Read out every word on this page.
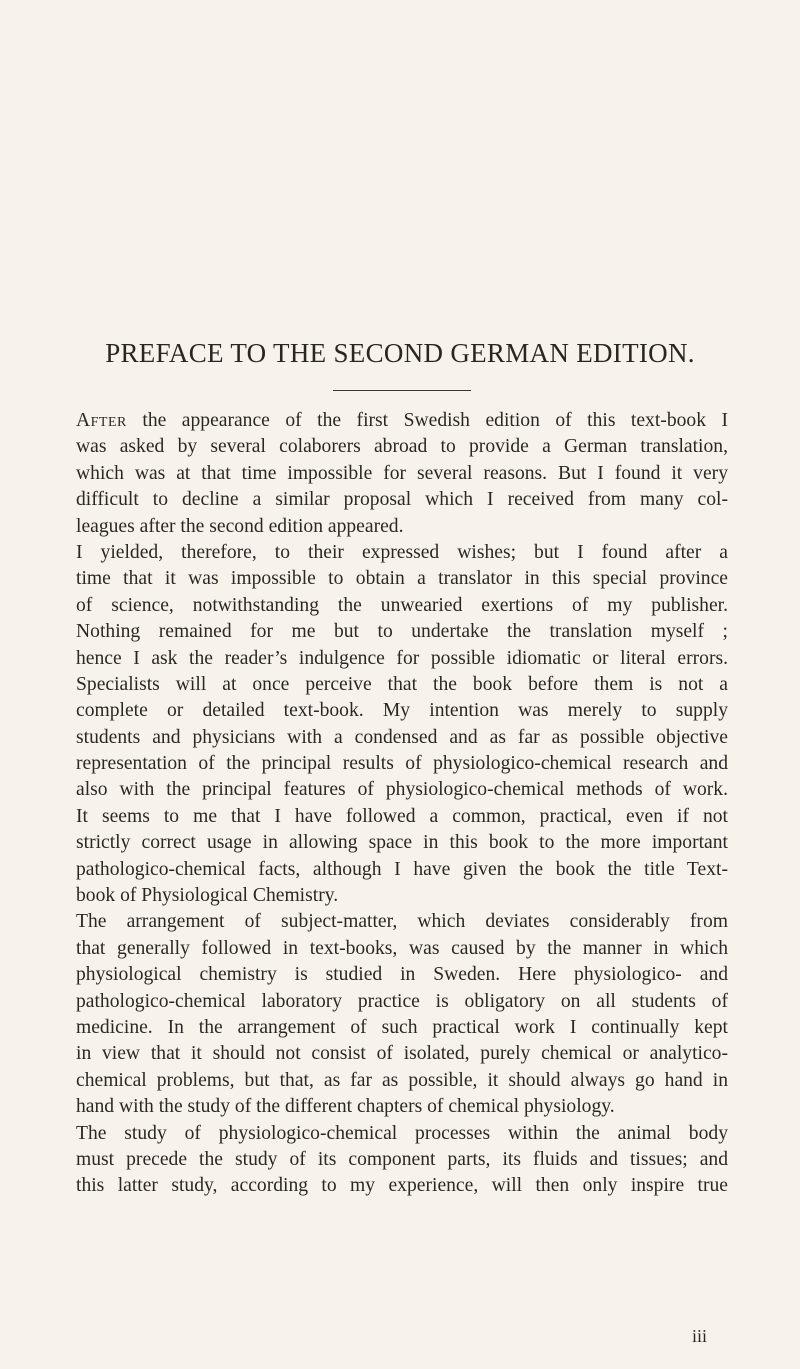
PREFACE TO THE SECOND GERMAN EDITION.
After the appearance of the first Swedish edition of this text-book I
was asked by several colaborers abroad to provide a German translation,
which was at that time impossible for several reasons. But I found it very
difficult to decline a similar proposal which I received from many col-
leagues after the second edition appeared.
I yielded, therefore, to their expressed wishes; but I found after a
time that it was impossible to obtain a translator in this special province
of science, notwithstanding the unwearied exertions of my publisher.
Nothing remained for me but to undertake the translation myself ;
hence I ask the reader’s indulgence for possible idiomatic or literal errors.
Specialists will at once perceive that the book before them is not a
complete or detailed text-book. My intention was merely to supply
students and physicians with a condensed and as far as possible objective
representation of the principal results of physiologico-chemical research and
also with the principal features of physiologico-chemical methods of work.
It seems to me that I have followed a common, practical, even if not
strictly correct usage in allowing space in this book to the more important
pathologico-chemical facts, although I have given the book the title Text-
book of Physiological Chemistry.
The arrangement of subject-matter, which deviates considerably from
that generally followed in text-books, was caused by the manner in which
physiological chemistry is studied in Sweden. Here physiologico- and
pathologico-chemical laboratory practice is obligatory on all students of
medicine. In the arrangement of such practical work I continually kept
in view that it should not consist of isolated, purely chemical or analytico-
chemical problems, but that, as far as possible, it should always go hand in
hand with the study of the different chapters of chemical physiology.
The study of physiologico-chemical processes within the animal body
must precede the study of its component parts, its fluids and tissues; and
this latter study, according to my experience, will then only inspire true
iii
